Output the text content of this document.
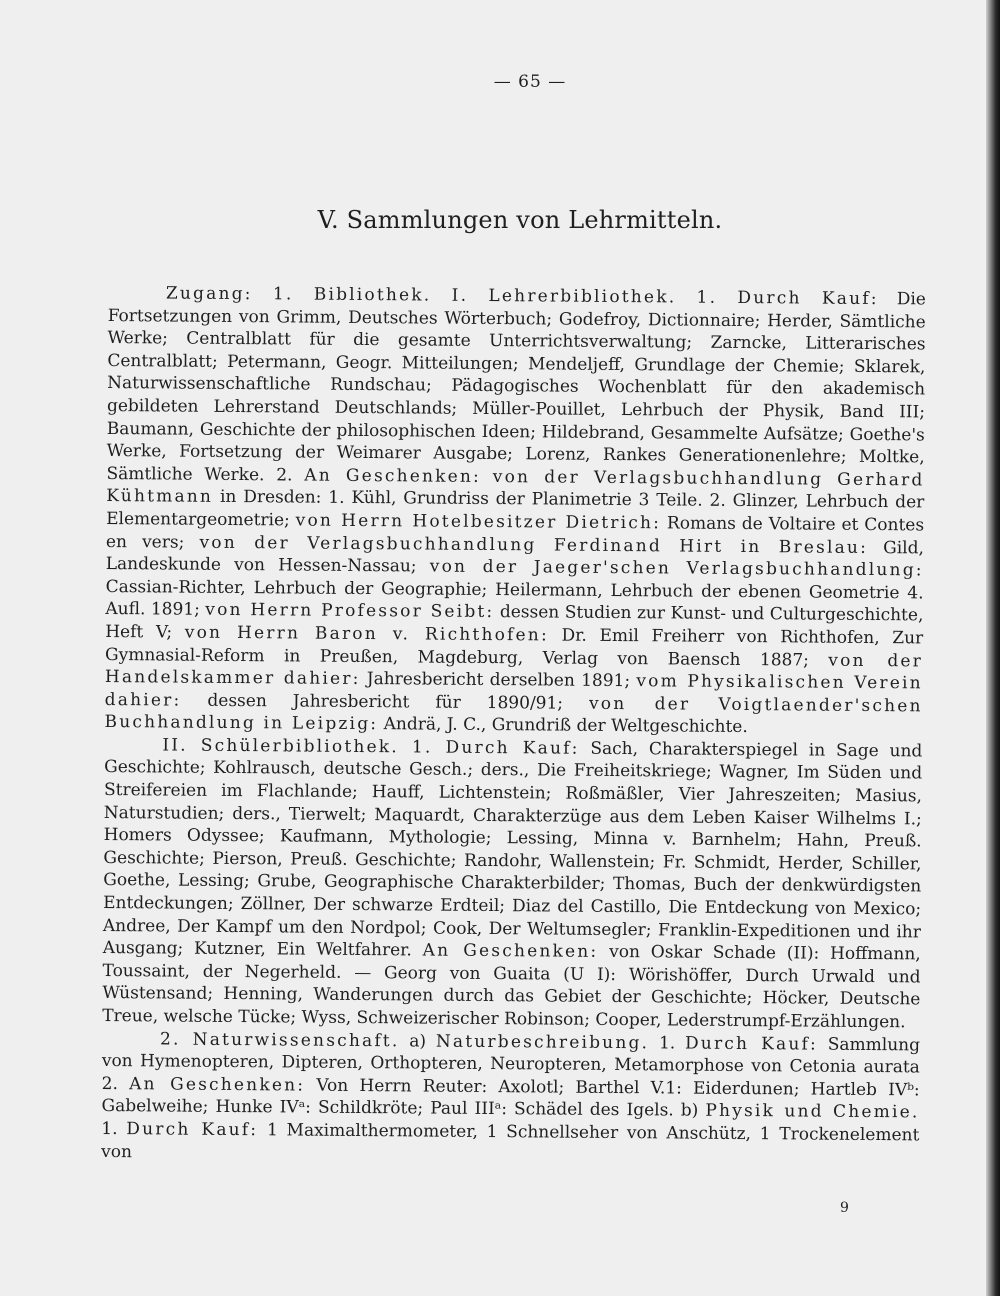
— 65 —
V. Sammlungen von Lehrmitteln.

Zugang: 1. Bibliothek. I. Lehrerbibliothek. 1. Durch Kauf: Die Fortsetzungen von Grimm, Deutsches Wörterbuch; Godefroy, Dictionnaire; Herder, Sämtliche Werke; Centralblatt für die gesamte Unterrichtsverwaltung; Zarncke, Litterarisches Centralblatt; Petermann, Geogr. Mitteilungen; Mendeljeff, Grundlage der Chemie; Sklarek, Naturwissenschaftliche Rundschau; Pädagogisches Wochenblatt für den akademisch gebildeten Lehrerstand Deutschlands; Müller-Pouillet, Lehrbuch der Physik, Band III; Baumann, Geschichte der philosophischen Ideen; Hildebrand, Gesammelte Aufsätze; Goethe's Werke, Fortsetzung der Weimarer Ausgabe; Lorenz, Rankes Generationenlehre; Moltke, Sämtliche Werke. 2. An Geschenken: von der Verlagsbuchhandlung Gerhard Kühtmann in Dresden: 1. Kühl, Grundriss der Planimetrie 3 Teile. 2. Glinzer, Lehrbuch der Elementargeometrie; von Herrn Hotelbesitzer Dietrich: Romans de Voltaire et Contes en vers; von der Verlagsbuchhandlung Ferdinand Hirt in Breslau: Gild, Landeskunde von Hessen-Nassau; von der Jaeger'schen Verlagsbuchhandlung: Cassian-Richter, Lehrbuch der Geographie; Heilermann, Lehrbuch der ebenen Geometrie 4. Aufl. 1891; von Herrn Professor Seibt: dessen Studien zur Kunst- und Culturgeschichte, Heft V; von Herrn Baron v. Richthofen: Dr. Emil Freiherr von Richthofen, Zur Gymnasial-Reform in Preußen, Magdeburg, Verlag von Baensch 1887; von der Handelskammer dahier: Jahresbericht derselben 1891; vom Physikalischen Verein dahier: dessen Jahresbericht für 1890/91; von der Voigtlaender'schen Buchhandlung in Leipzig: Andrä, J. C., Grundriß der Weltgeschichte.

II. Schülerbibliothek. 1. Durch Kauf: Sach, Charakterspiegel in Sage und Geschichte; Kohlrausch, deutsche Gesch.; ders., Die Freiheitskriege; Wagner, Im Süden und Streifereien im Flachlande; Hauff, Lichtenstein; Roßmäßler, Vier Jahreszeiten; Masius, Naturstudien; ders., Tierwelt; Maquardt, Charakterzüge aus dem Leben Kaiser Wilhelms I.; Homers Odyssee; Kaufmann, Mythologie; Lessing, Minna v. Barnhelm; Hahn, Preuß. Geschichte; Pierson, Preuß. Geschichte; Randohr, Wallenstein; Fr. Schmidt, Herder, Schiller, Goethe, Lessing; Grube, Geographische Charakterbilder; Thomas, Buch der denkwürdigsten Entdeckungen; Zöllner, Der schwarze Erdteil; Diaz del Castillo, Die Entdeckung von Mexico; Andree, Der Kampf um den Nordpol; Cook, Der Weltumsegler; Franklin-Expeditionen und ihr Ausgang; Kutzner, Ein Weltfahrer. An Geschenken: von Oskar Schade (II): Hoffmann, Toussaint, der Negerheld. — Georg von Guaita (U I): Wörishöffer, Durch Urwald und Wüstensand; Henning, Wanderungen durch das Gebiet der Geschichte; Höcker, Deutsche Treue, welsche Tücke; Wyss, Schweizerischer Robinson; Cooper, Lederstrumpf-Erzählungen.

2. Naturwissenschaft. a) Naturbeschreibung. 1. Durch Kauf: Sammlung von Hymenopteren, Dipteren, Orthopteren, Neuropteren, Metamorphose von Cetonia aurata 2. An Geschenken: Von Herrn Reuter: Axolotl; Barthel V.1: Eiderdunen; Hartleb IVᵇ: Gabelweihe; Hunke IVᵃ: Schildkröte; Paul IIIᵃ: Schädel des Igels. b) Physik und Chemie. 1. Durch Kauf: 1 Maximalthermometer, 1 Schnellseher von Anschütz, 1 Trockenelement von

9
